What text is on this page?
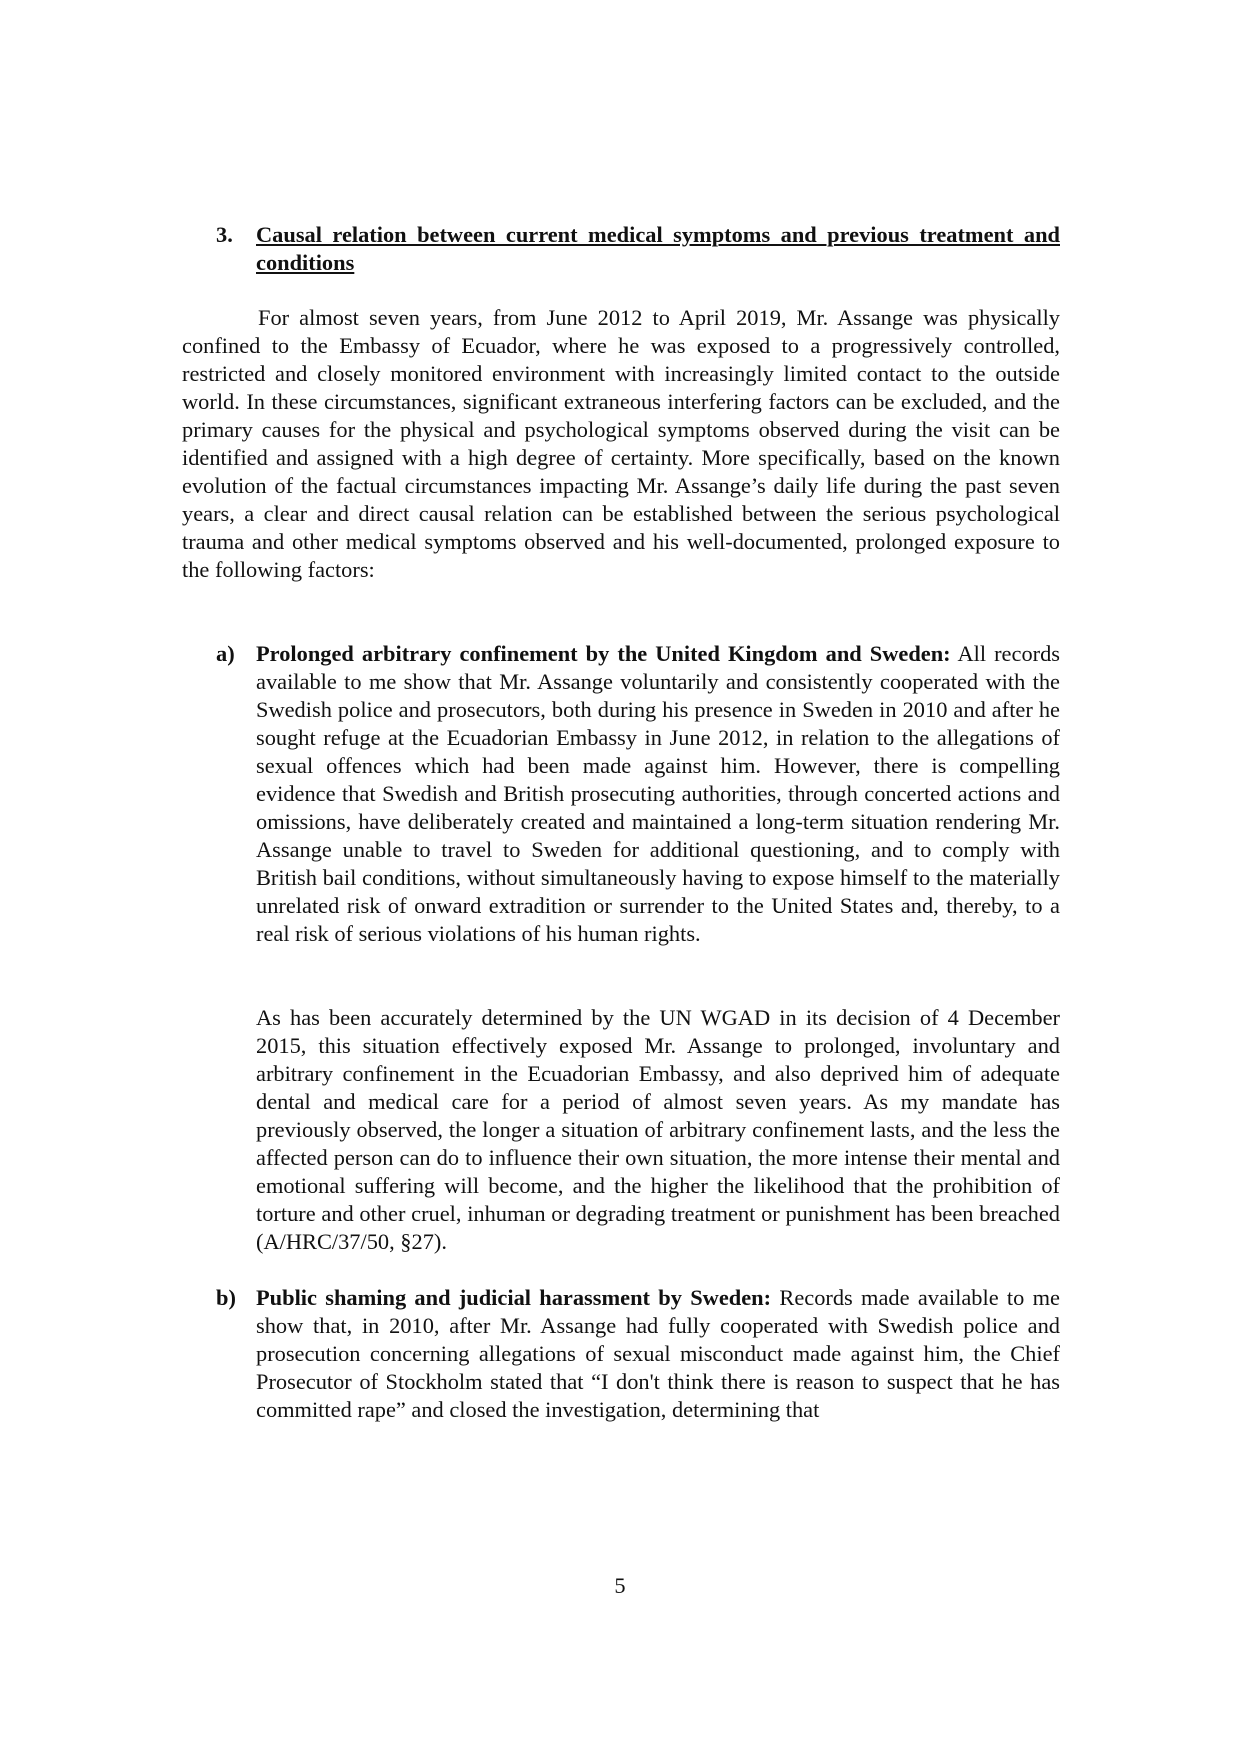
3.	Causal relation between current medical symptoms and previous treatment and conditions
For almost seven years, from June 2012 to April 2019, Mr. Assange was physically confined to the Embassy of Ecuador, where he was exposed to a progressively controlled, restricted and closely monitored environment with increasingly limited contact to the outside world. In these circumstances, significant extraneous interfering factors can be excluded, and the primary causes for the physical and psychological symptoms observed during the visit can be identified and assigned with a high degree of certainty. More specifically, based on the known evolution of the factual circumstances impacting Mr. Assange’s daily life during the past seven years, a clear and direct causal relation can be established between the serious psychological trauma and other medical symptoms observed and his well-documented, prolonged exposure to the following factors:
a) Prolonged arbitrary confinement by the United Kingdom and Sweden: All records available to me show that Mr. Assange voluntarily and consistently cooperated with the Swedish police and prosecutors, both during his presence in Sweden in 2010 and after he sought refuge at the Ecuadorian Embassy in June 2012, in relation to the allegations of sexual offences which had been made against him. However, there is compelling evidence that Swedish and British prosecuting authorities, through concerted actions and omissions, have deliberately created and maintained a long-term situation rendering Mr. Assange unable to travel to Sweden for additional questioning, and to comply with British bail conditions, without simultaneously having to expose himself to the materially unrelated risk of onward extradition or surrender to the United States and, thereby, to a real risk of serious violations of his human rights.
As has been accurately determined by the UN WGAD in its decision of 4 December 2015, this situation effectively exposed Mr. Assange to prolonged, involuntary and arbitrary confinement in the Ecuadorian Embassy, and also deprived him of adequate dental and medical care for a period of almost seven years. As my mandate has previously observed, the longer a situation of arbitrary confinement lasts, and the less the affected person can do to influence their own situation, the more intense their mental and emotional suffering will become, and the higher the likelihood that the prohibition of torture and other cruel, inhuman or degrading treatment or punishment has been breached (A/HRC/37/50, §27).
b) Public shaming and judicial harassment by Sweden: Records made available to me show that, in 2010, after Mr. Assange had fully cooperated with Swedish police and prosecution concerning allegations of sexual misconduct made against him, the Chief Prosecutor of Stockholm stated that “I don't think there is reason to suspect that he has committed rape” and closed the investigation, determining that
5
